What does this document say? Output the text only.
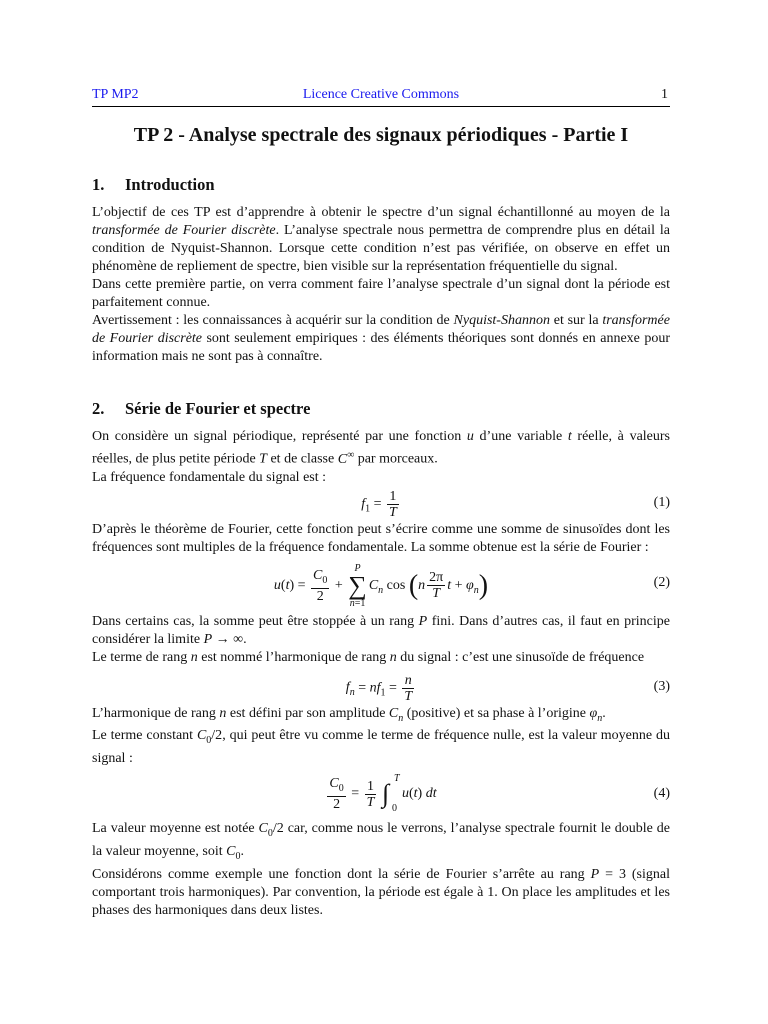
TP MP2	Licence Creative Commons	1
TP 2 - Analyse spectrale des signaux périodiques - Partie I
1. Introduction

L’objectif de ces TP est d’apprendre à obtenir le spectre d’un signal échantillonné au moyen de la transformée de Fourier discrète. L’analyse spectrale nous permettra de comprendre plus en détail la condition de Nyquist-Shannon. Lorsque cette condition n’est pas vérifiée, on observe en effet un phénomène de repliement de spectre, bien visible sur la représentation fréquentielle du signal.

Dans cette première partie, on verra comment faire l’analyse spectrale d’un signal dont la période est parfaitement connue.

Avertissement : les connaissances à acquérir sur la condition de Nyquist-Shannon et sur la transformée de Fourier discrète sont seulement empiriques : des éléments théoriques sont donnés en annexe pour information mais ne sont pas à connaître.

2. Série de Fourier et spectre

On considère un signal périodique, représenté par une fonction u d’une variable t réelle, à valeurs réelles, de plus petite période T et de classe C∞ par morceaux.

La fréquence fondamentale du signal est :

$f_1 = \frac{1}{T}$	(1)

D’après le théorème de Fourier, cette fonction peut s’écrire comme une somme de sinusoïdes dont les fréquences sont multiples de la fréquence fondamentale. La somme obtenue est la série de Fourier :

$u(t) = \frac{C_0}{2} + P$
∑
$n=1C_n$ $\cos (n \frac{2\pi}{T}$ $t + \varphi_n$)	(2)

Dans certains cas, la somme peut être stoppée à un rang P fini. Dans d’autres cas, il faut en principe considérer la limite P → ∞.

Le terme de rang n est nommé l’harmonique de rang n du signal : c’est une sinusoïde de fréquence

$f_n = nf_1 = \frac{n}{T}$	(3)

L’harmonique de rang n est défini par son amplitude $C_n$ (positive) et sa phase à l’origine $\varphi_n$.

Le terme constant $C_0/2$, qui peut être vu comme le terme de fréquence nulle, est la valeur moyenne du signal :

$\frac{C_0}{2} = \frac{1}{T}$
∫
T
0
u(t) dt	(4)

La valeur moyenne est notée $C_0/2$ car, comme nous le verrons, l’analyse spectrale fournit le double de la valeur moyenne, soit $C_0$.

Considérons comme exemple une fonction dont la série de Fourier s’arrête au rang P = 3 (signal comportant trois harmoniques). Par convention, la période est égale à 1. On place les amplitudes et les phases des harmoniques dans deux listes.
